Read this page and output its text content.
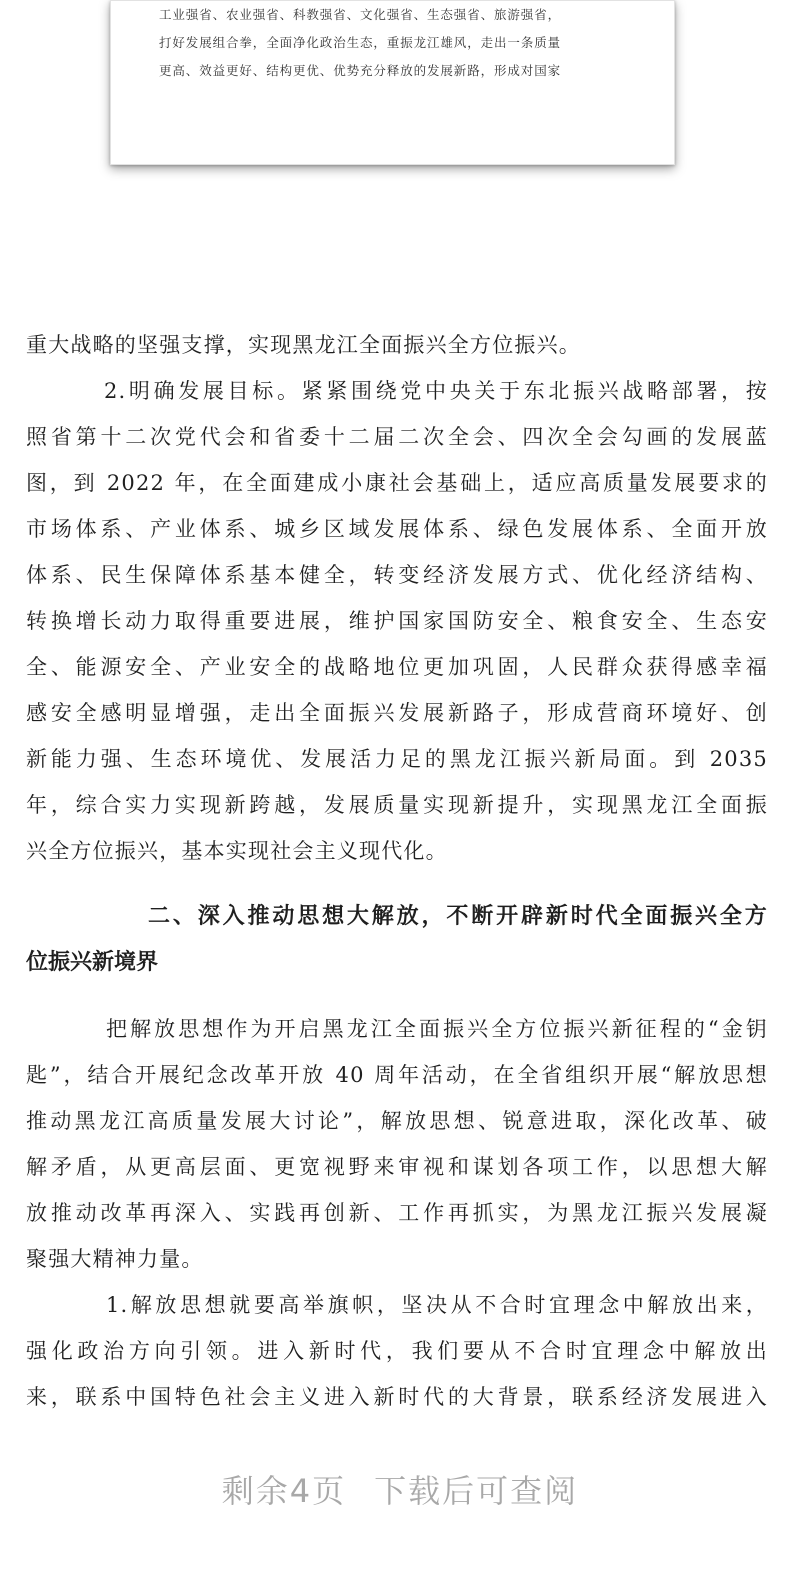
工业强省、农业强省、科教强省、文化强省、生态强省、旅游强省，
打好发展组合拳，全面净化政治生态，重振龙江雄风，走出一条质量
更高、效益更好、结构更优、优势充分释放的发展新路，形成对国家
重大战略的坚强支撑，实现黑龙江全面振兴全方位振兴。
2.明确发展目标。紧紧围绕党中央关于东北振兴战略部署，按
照省第十二次党代会和省委十二届二次全会、四次全会勾画的发展蓝
图，到 2022 年，在全面建成小康社会基础上，适应高质量发展要求的
市场体系、产业体系、城乡区域发展体系、绿色发展体系、全面开放
体系、民生保障体系基本健全，转变经济发展方式、优化经济结构、
转换增长动力取得重要进展，维护国家国防安全、粮食安全、生态安
全、能源安全、产业安全的战略地位更加巩固，人民群众获得感幸福
感安全感明显增强，走出全面振兴发展新路子，形成营商环境好、创
新能力强、生态环境优、发展活力足的黑龙江振兴新局面。到 2035
年，综合实力实现新跨越，发展质量实现新提升，实现黑龙江全面振
兴全方位振兴，基本实现社会主义现代化。
二、深入推动思想大解放，不断开辟新时代全面振兴全方
位振兴新境界
把解放思想作为开启黑龙江全面振兴全方位振兴新征程的“金钥
匙”，结合开展纪念改革开放 40 周年活动，在全省组织开展“解放思想
推动黑龙江高质量发展大讨论”，解放思想、锐意进取，深化改革、破
解矛盾，从更高层面、更宽视野来审视和谋划各项工作，以思想大解
放推动改革再深入、实践再创新、工作再抓实，为黑龙江振兴发展凝
聚强大精神力量。
1.解放思想就要高举旗帜，坚决从不合时宜理念中解放出来，
强化政治方向引领。进入新时代，我们要从不合时宜理念中解放出
来，联系中国特色社会主义进入新时代的大背景，联系经济发展进入
剩余4页 下载后可查阅
